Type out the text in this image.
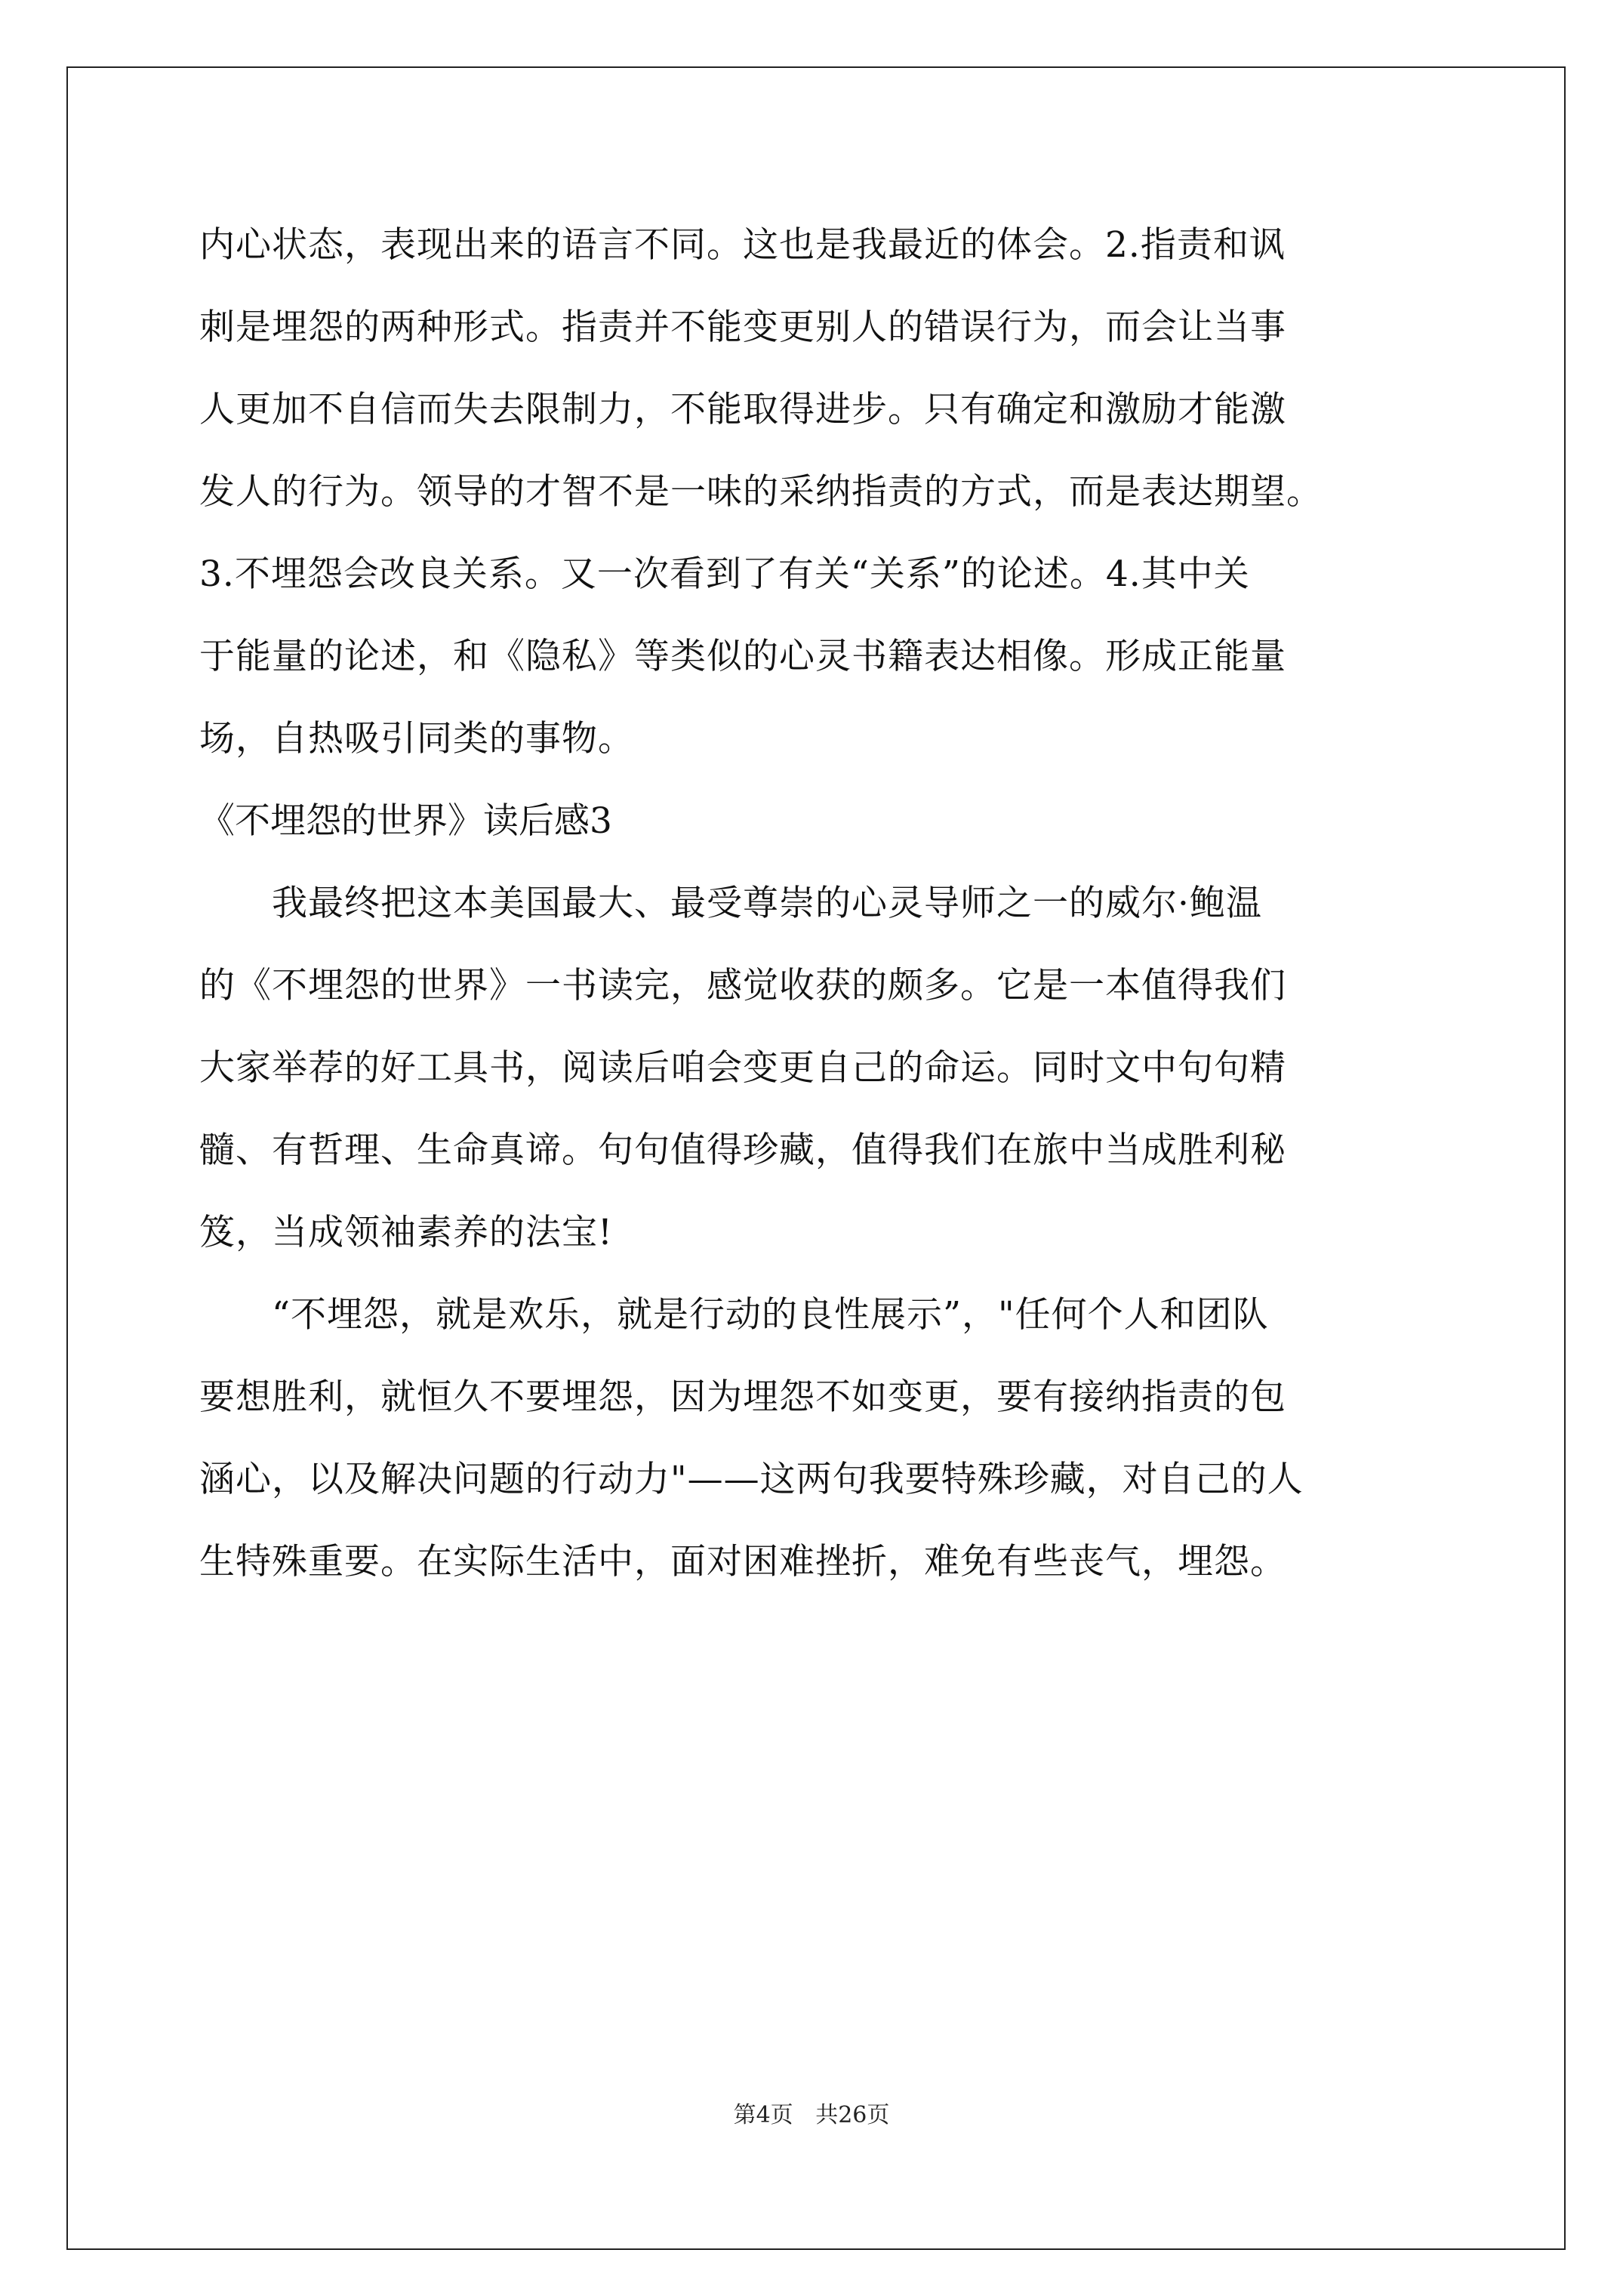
内心状态，表现出来的语言不同。这也是我最近的体会。2.指责和讽
刺是埋怨的两种形式。指责并不能变更别人的错误行为，而会让当事
人更加不自信而失去限制力，不能取得进步。只有确定和激励才能激
发人的行为。领导的才智不是一味的采纳指责的方式，而是表达期望。
3.不埋怨会改良关系。又一次看到了有关“关系”的论述。4.其中关
于能量的论述，和《隐私》等类似的心灵书籍表达相像。形成正能量
场，自热吸引同类的事物。
《不埋怨的世界》读后感3
我最终把这本美国最大、最受尊崇的心灵导师之一的威尔·鲍温
的《不埋怨的世界》一书读完，感觉收获的颇多。它是一本值得我们
大家举荐的好工具书，阅读后咱会变更自己的命运。同时文中句句精
髓、有哲理、生命真谛。句句值得珍藏，值得我们在旅中当成胜利秘
笈，当成领袖素养的法宝!
“不埋怨，就是欢乐，就是行动的良性展示”，"任何个人和团队
要想胜利，就恒久不要埋怨，因为埋怨不如变更，要有接纳指责的包
涵心，以及解决问题的行动力"——这两句我要特殊珍藏，对自己的人
生特殊重要。在实际生活中，面对困难挫折，难免有些丧气，埋怨。
第4页 共26页
